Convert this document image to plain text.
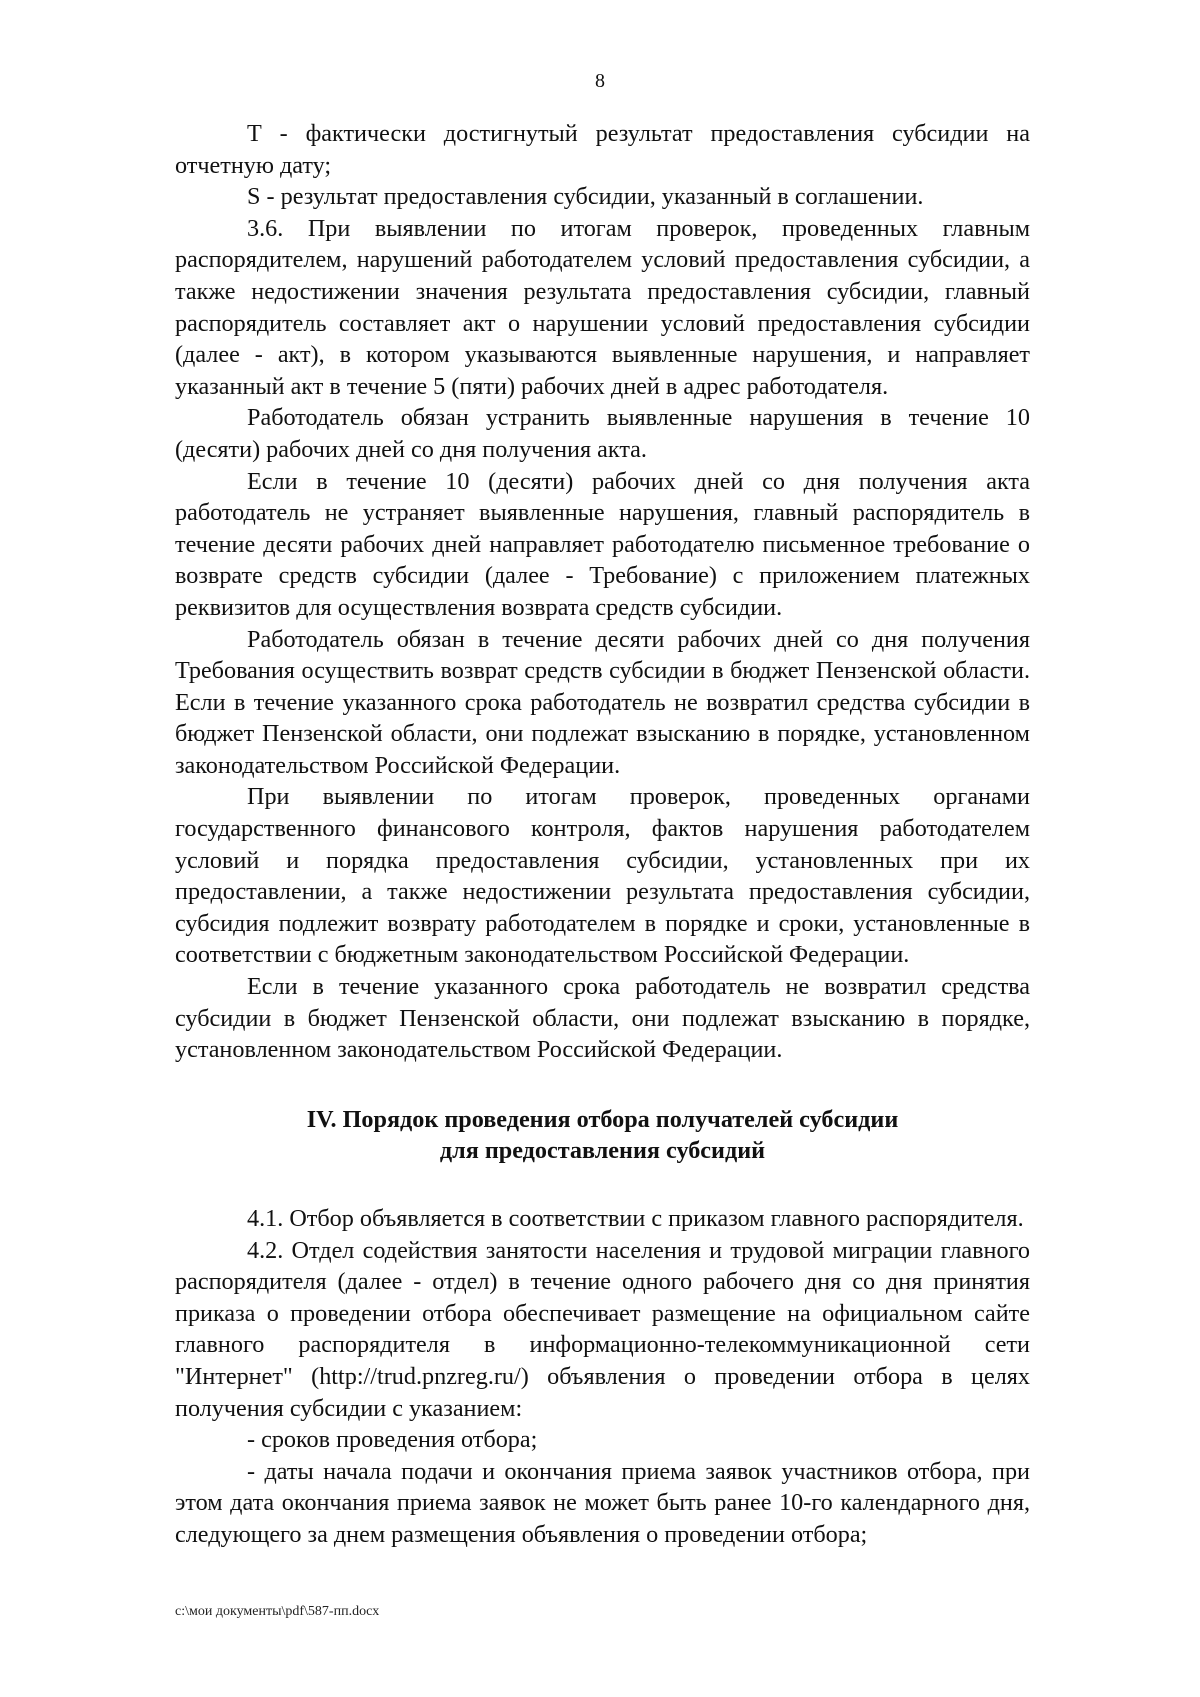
8

Т - фактически достигнутый результат предоставления субсидии на отчетную дату;

S - результат предоставления субсидии, указанный в соглашении.

3.6. При выявлении по итогам проверок, проведенных главным распорядителем, нарушений работодателем условий предоставления субсидии, а также недостижении значения результата предоставления субсидии, главный распорядитель составляет акт о нарушении условий предоставления субсидии (далее - акт), в котором указываются выявленные нарушения, и направляет указанный акт в течение 5 (пяти) рабочих дней в адрес работодателя.

Работодатель обязан устранить выявленные нарушения в течение 10 (десяти) рабочих дней со дня получения акта.

Если в течение 10 (десяти) рабочих дней со дня получения акта работодатель не устраняет выявленные нарушения, главный распорядитель в течение десяти рабочих дней направляет работодателю письменное требование о возврате средств субсидии (далее - Требование) с приложением платежных реквизитов для осуществления возврата средств субсидии.

Работодатель обязан в течение десяти рабочих дней со дня получения Требования осуществить возврат средств субсидии в бюджет Пензенской области. Если в течение указанного срока работодатель не возвратил средства субсидии в бюджет Пензенской области, они подлежат взысканию в порядке, установленном законодательством Российской Федерации.

При выявлении по итогам проверок, проведенных органами государственного финансового контроля, фактов нарушения работодателем условий и порядка предоставления субсидии, установленных при их предоставлении, а также недостижении результата предоставления субсидии, субсидия подлежит возврату работодателем в порядке и сроки, установленные в соответствии с бюджетным законодательством Российской Федерации.

Если в течение указанного срока работодатель не возвратил средства субсидии в бюджет Пензенской области, они подлежат взысканию в порядке, установленном законодательством Российской Федерации.

IV. Порядок проведения отбора получателей субсидии
для предоставления субсидий

4.1. Отбор объявляется в соответствии с приказом главного распорядителя.

4.2. Отдел содействия занятости населения и трудовой миграции главного распорядителя (далее - отдел) в течение одного рабочего дня со дня принятия приказа о проведении отбора обеспечивает размещение на официальном сайте главного распорядителя в информационно-телекоммуникационной сети "Интернет" (http://trud.pnzreg.ru/) объявления о проведении отбора в целях получения субсидии с указанием:

- сроков проведения отбора;

- даты начала подачи и окончания приема заявок участников отбора, при этом дата окончания приема заявок не может быть ранее 10-го календарного дня, следующего за днем размещения объявления о проведении отбора;

c:\мои документы\pdf\587-пп.docx
